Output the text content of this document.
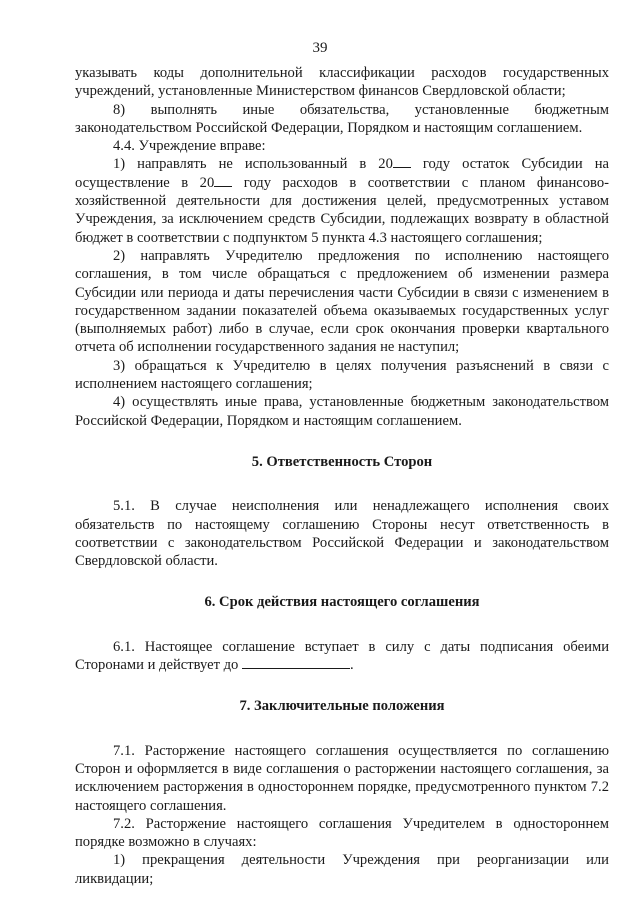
39

указывать коды дополнительной классификации расходов государственных учреждений, установленные Министерством финансов Свердловской области;

8) выполнять иные обязательства, установленные бюджетным законодательством Российской Федерации, Порядком и настоящим соглашением.

4.4. Учреждение вправе:

1) направлять не использованный в 20 году остаток Субсидии на осуществление в 20 году расходов в соответствии с планом финансово-хозяйственной деятельности для достижения целей, предусмотренных уставом Учреждения, за исключением средств Субсидии, подлежащих возврату в областной бюджет в соответствии с подпунктом 5 пункта 4.3 настоящего соглашения;

2) направлять Учредителю предложения по исполнению настоящего соглашения, в том числе обращаться с предложением об изменении размера Субсидии или периода и даты перечисления части Субсидии в связи с изменением в государственном задании показателей объема оказываемых государственных услуг (выполняемых работ) либо в случае, если срок окончания проверки квартального отчета об исполнении государственного задания не наступил;

3) обращаться к Учредителю в целях получения разъяснений в связи с исполнением настоящего соглашения;

4) осуществлять иные права, установленные бюджетным законодательством Российской Федерации, Порядком и настоящим соглашением.

5. Ответственность Сторон

5.1. В случае неисполнения или ненадлежащего исполнения своих обязательств по настоящему соглашению Стороны несут ответственность в соответствии с законодательством Российской Федерации и законодательством Свердловской области.

6. Срок действия настоящего соглашения

6.1. Настоящее соглашение вступает в силу с даты подписания обеими Сторонами и действует до	.

7. Заключительные положения

7.1. Расторжение настоящего соглашения осуществляется по соглашению Сторон и оформляется в виде соглашения о расторжении настоящего соглашения, за исключением расторжения в одностороннем порядке, предусмотренного пунктом 7.2 настоящего соглашения.

7.2. Расторжение настоящего соглашения Учредителем в одностороннем порядке возможно в случаях:

1) прекращения деятельности Учреждения при реорганизации или ликвидации;
